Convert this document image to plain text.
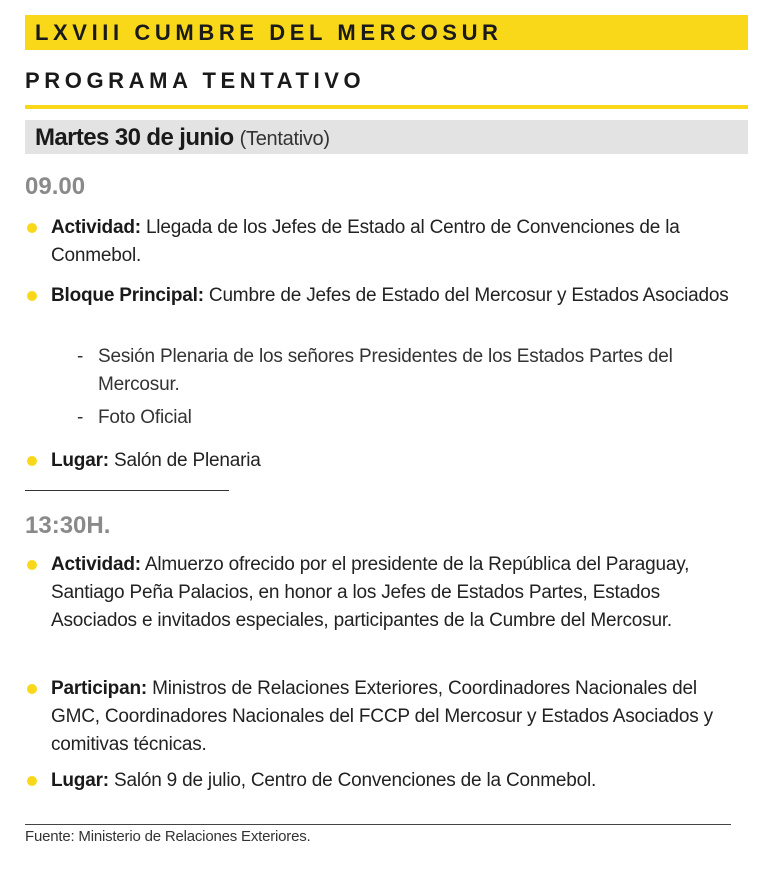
LXVIII CUMBRE DEL MERCOSUR
PROGRAMA TENTATIVO
Martes 30 de junio (Tentativo)
09.00
Actividad: Llegada de los Jefes de Estado al Centro de Convenciones de la Conmebol.
Bloque Principal: Cumbre de Jefes de Estado del Mercosur y Estados Asociados
- Sesión Plenaria de los señores Presidentes de los Estados Partes del Mercosur.
- Foto Oficial
Lugar: Salón de Plenaria
13:30H.
Actividad: Almuerzo ofrecido por el presidente de la República del Paraguay, Santiago Peña Palacios, en honor a los Jefes de Estados Partes, Estados Asociados e invitados especiales, participantes de la Cumbre del Mercosur.
Participan: Ministros de Relaciones Exteriores, Coordinadores Nacionales del GMC, Coordinadores Nacionales del FCCP del Mercosur y Estados Asociados y comitivas técnicas.
Lugar: Salón 9 de julio, Centro de Convenciones de la Conmebol.
Fuente: Ministerio de Relaciones Exteriores.
